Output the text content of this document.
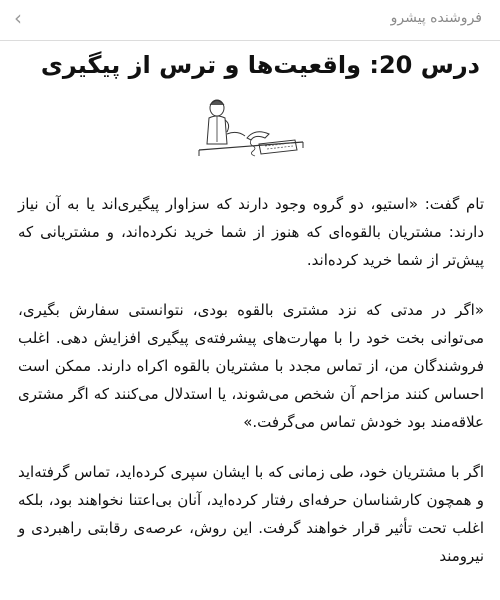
‹	فروشنده پیشرو
درس 20: واقعیت‌ها و ترس از پیگیری

تام گفت: «استیو، دو گروه وجود دارند که سزاوار پیگیری‌اند یا به آن نیاز دارند: مشتریان بالقوه‌ای که هنوز از شما خرید نکرده‌اند، و مشتریانی که پیش‌تر از شما خرید کرده‌اند.

«اگر در مدتی که نزد مشتری بالقوه بودی، نتوانستی سفارش بگیری، می‌توانی بخت خود را با مهارت‌های پیشرفته‌ی پیگیری افزایش دهی. اغلب فروشندگان من، از تماس مجدد با مشتریان بالقوه اکراه دارند. ممکن است احساس کنند مزاحم آن شخص می‌شوند، یا استدلال می‌کنند که اگر مشتری علاقه‌مند بود خودش تماس می‌گرفت.»

اگر با مشتریان خود، طی زمانی که با ایشان سپری کرده‌اید، تماس گرفته‌اید و همچون کارشناسان حرفه‌ای رفتار کرده‌اید، آنان بی‌اعتنا نخواهند بود، بلکه اغلب تحت تأثیر قرار خواهند گرفت. این روش، عرصه‌ی رقابتی راهبردی و نیرومند
